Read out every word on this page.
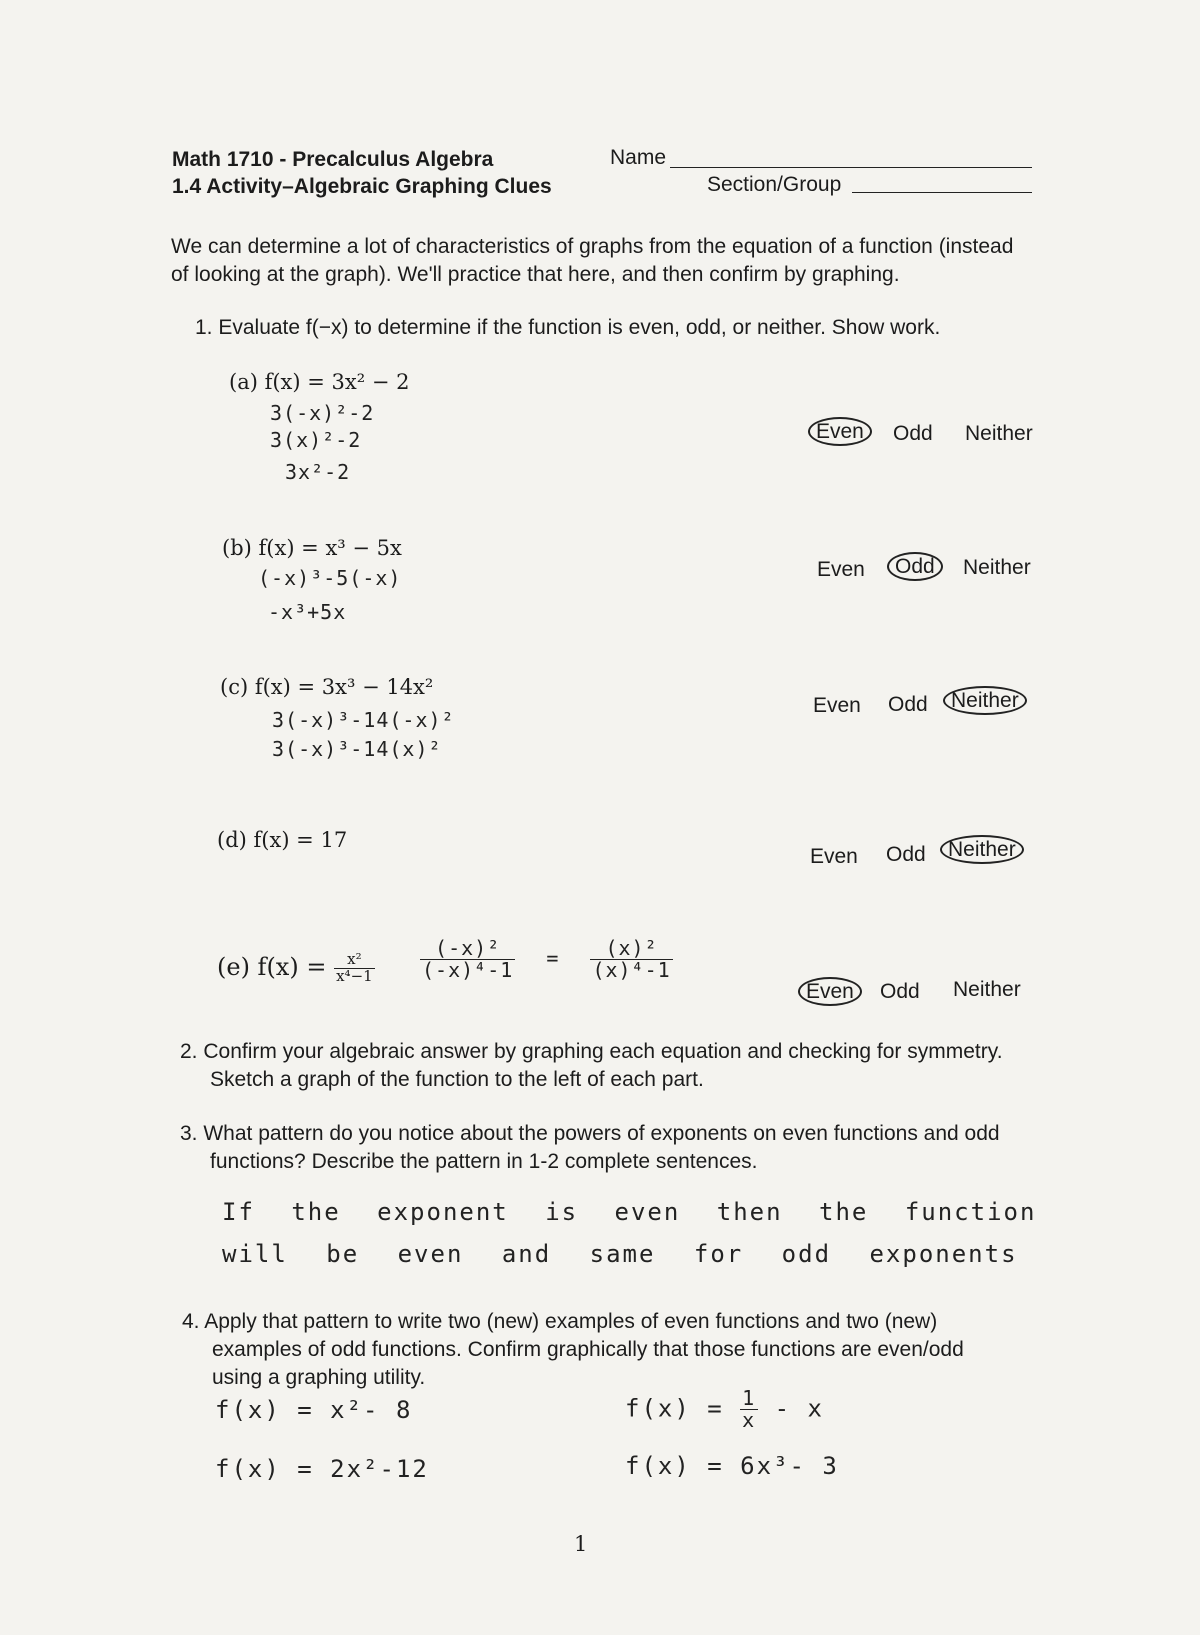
Math 1710 - Precalculus Algebra
1.4 Activity–Algebraic Graphing Clues
Name
Section/Group
We can determine a lot of characteristics of graphs from the equation of a function (instead
of looking at the graph). We'll practice that here, and then confirm by graphing.
1. Evaluate f(−x) to determine if the function is even, odd, or neither. Show work.
(a) f(x) = 3x² − 2
3(-x)²-2
3(x)²-2
3x²-2
Even	Odd Neither
(b) f(x) = x³ − 5x
(-x)³-5(-x)
-x³+5x
Even	Odd	Neither
(c) f(x) = 3x³ − 14x²
3(-x)³-14(-x)²
3(-x)³-14(x)²
Even Odd	Neither
(d) f(x) = 17
Even Odd	Neither
(e) $f(x) = \frac{\text{x²}}{\text{x⁴−1}} \frac{\text{(-x)²}}{\text{(-x)⁴-1}} = \frac{\text{(x)²}}{\text{(x)⁴-1}}$
Even	Odd Neither
2. Confirm your algebraic answer by graphing each equation and checking for symmetry.
Sketch a graph of the function to the left of each part.
3. What pattern do you notice about the powers of exponents on even functions and odd
functions? Describe the pattern in 1-2 complete sentences.
If the exponent is even then the function
will be even and same for odd exponents
4. Apply that pattern to write two (new) examples of even functions and two (new)
examples of odd functions. Confirm graphically that those functions are even/odd
using a graphing utility.
f(x) = x²- 8
f(x) = 2x²-12
$f(x) = \frac{1}{x} - x$
f(x) = 6x³- 3
1
